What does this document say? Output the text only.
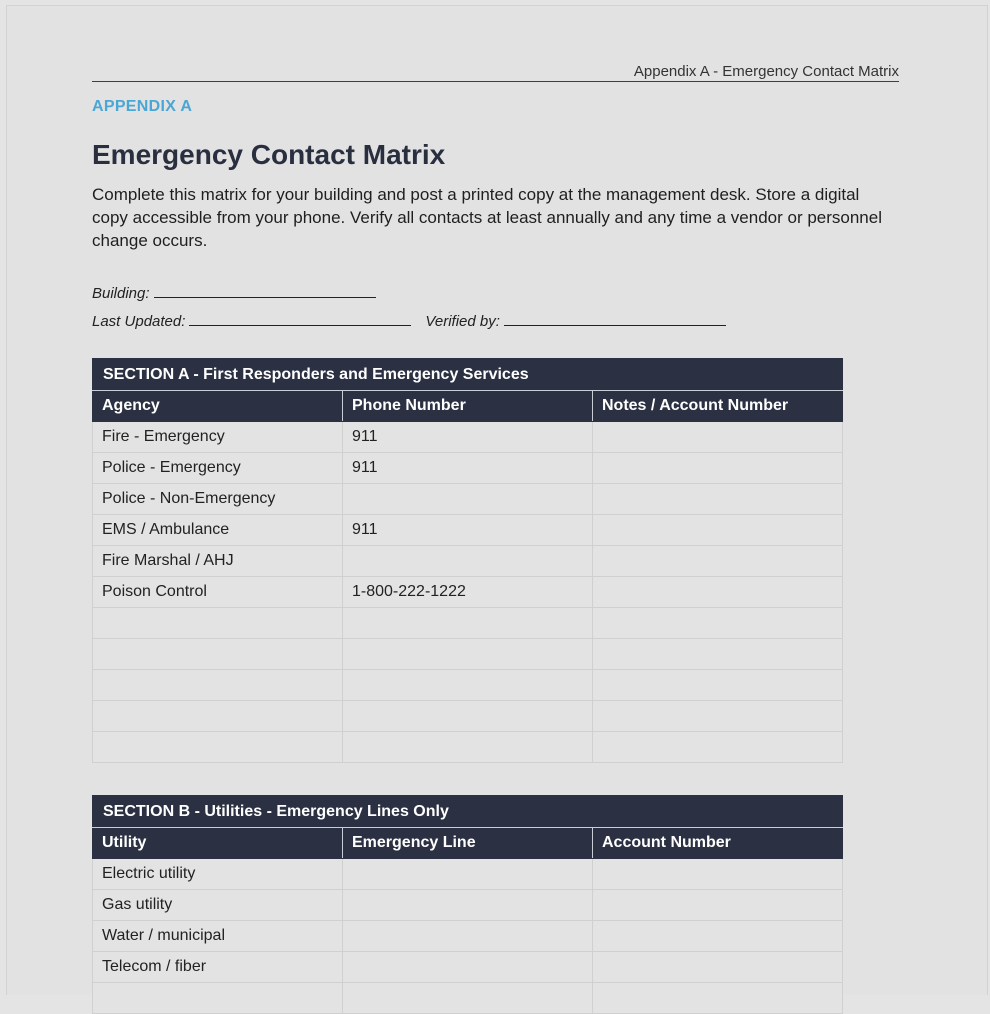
Appendix A - Emergency Contact Matrix
APPENDIX A
Emergency Contact Matrix

Complete this matrix for your building and post a printed copy at the management desk. Store a digital copy accessible from your phone. Verify all contacts at least annually and any time a vendor or personnel change occurs.

Building:
Last Updated:	Verified by:
SECTION A - First Responders and Emergency Services		
Agency	Phone Number	Notes / Account Number
Fire - Emergency	911	
Police - Emergency	911	
Police - Non-Emergency		
EMS / Ambulance	911	
Fire Marshal / AHJ		
Poison Control	1-800-222-1222	

SECTION B - Utilities - Emergency Lines Only		
Utility	Emergency Line	Account Number
Electric utility		
Gas utility		
Water / municipal		
Telecom / fiber		
